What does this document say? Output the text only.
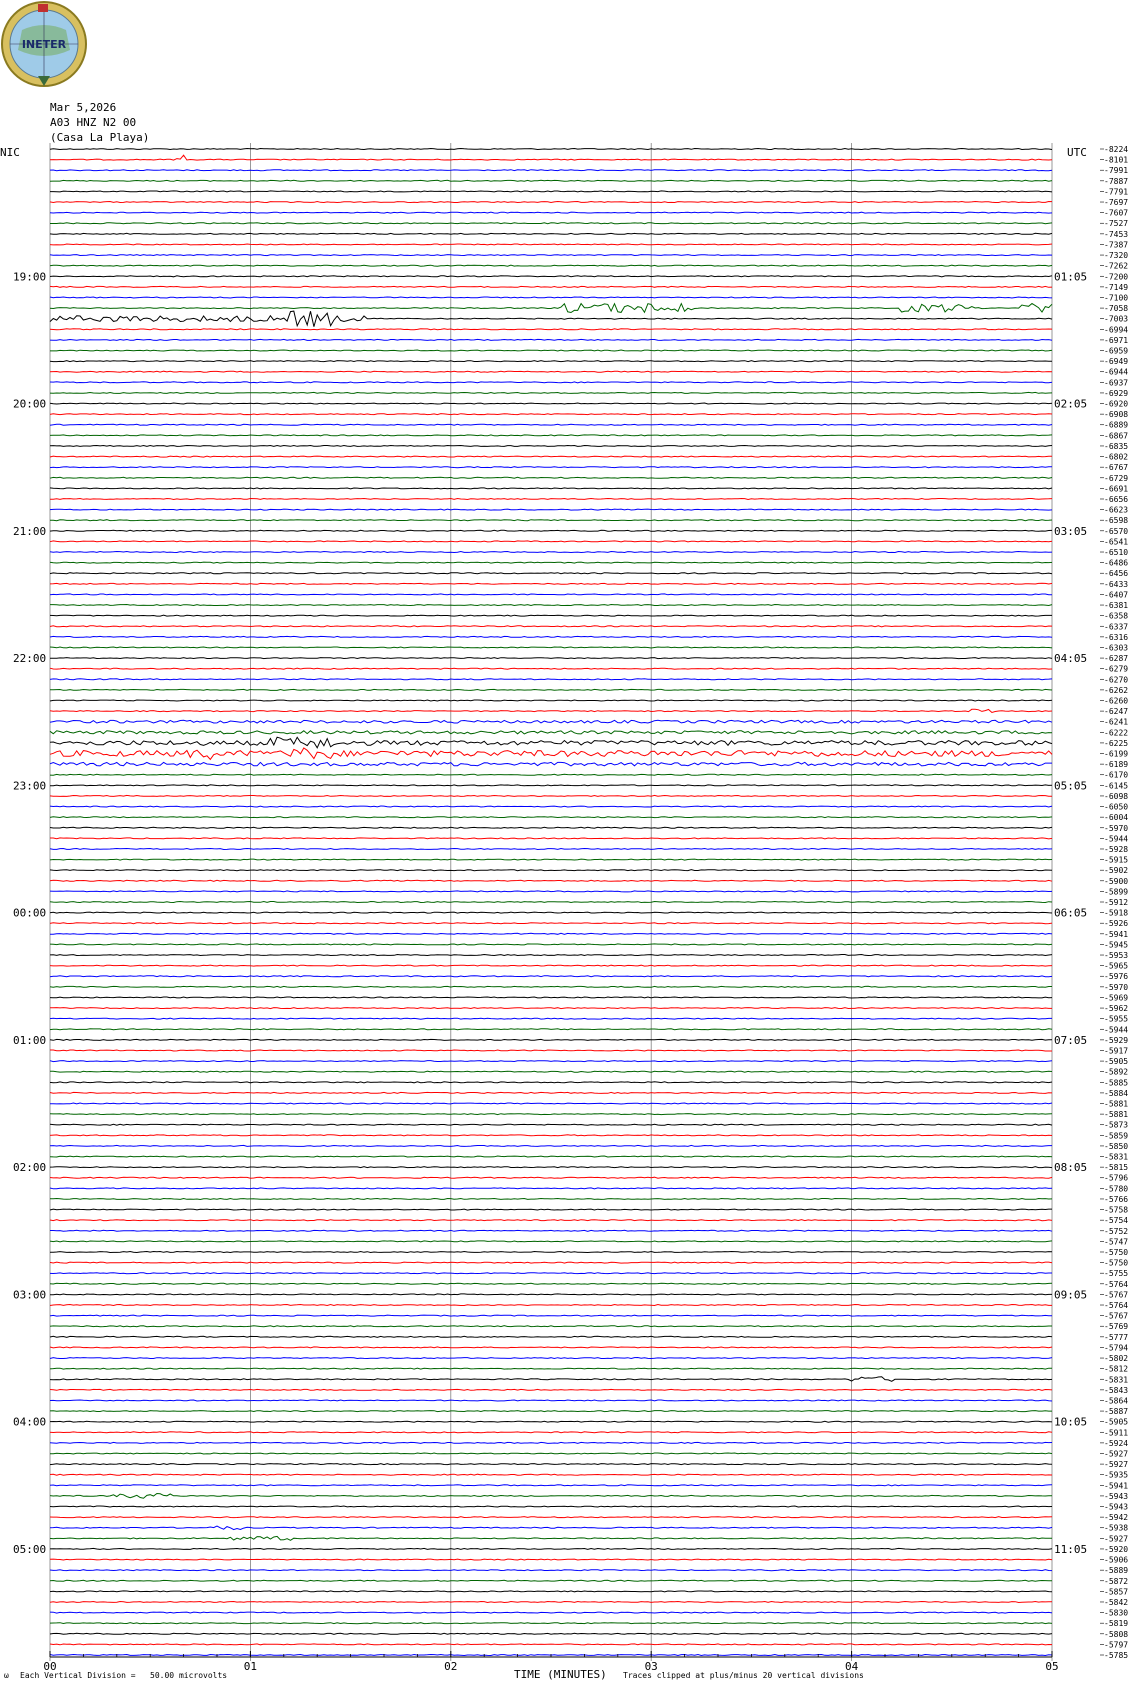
INETER
Mar 5,2026
A03 HNZ N2 00
(Casa La Playa)
19:00
20:00
21:00
22:00
23:00
00:00
01:00
02:00
03:00
04:00
05:00
01:05
02:05
03:05
04:05
05:05
06:05
07:05
08:05
09:05
10:05
11:05
-8224
-8101
-7991
-7887
-7791
-7697
-7607
-7527
-7453
-7387
-7320
-7262
-7200
-7149
-7100
-7058
-7003
-6994
-6971
-6959
-6949
-6944
-6937
-6929
-6920
-6908
-6889
-6867
-6835
-6802
-6767
-6729
-6691
-6656
-6623
-6598
-6570
-6541
-6510
-6486
-6456
-6433
-6407
-6381
-6358
-6337
-6316
-6303
-6287
-6279
-6270
-6262
-6260
-6247
-6241
-6222
-6225
-6199
-6189
-6170
-6145
-6098
-6050
-6004
-5970
-5944
-5928
-5915
-5902
-5900
-5899
-5912
-5918
-5926
-5941
-5945
-5953
-5965
-5976
-5970
-5969
-5962
-5955
-5944
-5929
-5917
-5905
-5892
-5885
-5884
-5881
-5881
-5873
-5859
-5850
-5831
-5815
-5796
-5780
-5766
-5758
-5754
-5752
-5747
-5750
-5750
-5755
-5764
-5767
-5764
-5767
-5769
-5777
-5794
-5802
-5812
-5831
-5843
-5864
-5887
-5905
-5911
-5924
-5927
-5927
-5935
-5941
-5943
-5943
-5942
-5938
-5927
-5920
-5906
-5889
-5872
-5857
-5842
-5830
-5819
-5808
-5797
-5785
00	01	02	03	04	05
NIC	UTC
ω Each Vertical Division =   50.00 microvolts	TIME (MINUTES) Traces clipped at plus/minus 20 vertical divisions
